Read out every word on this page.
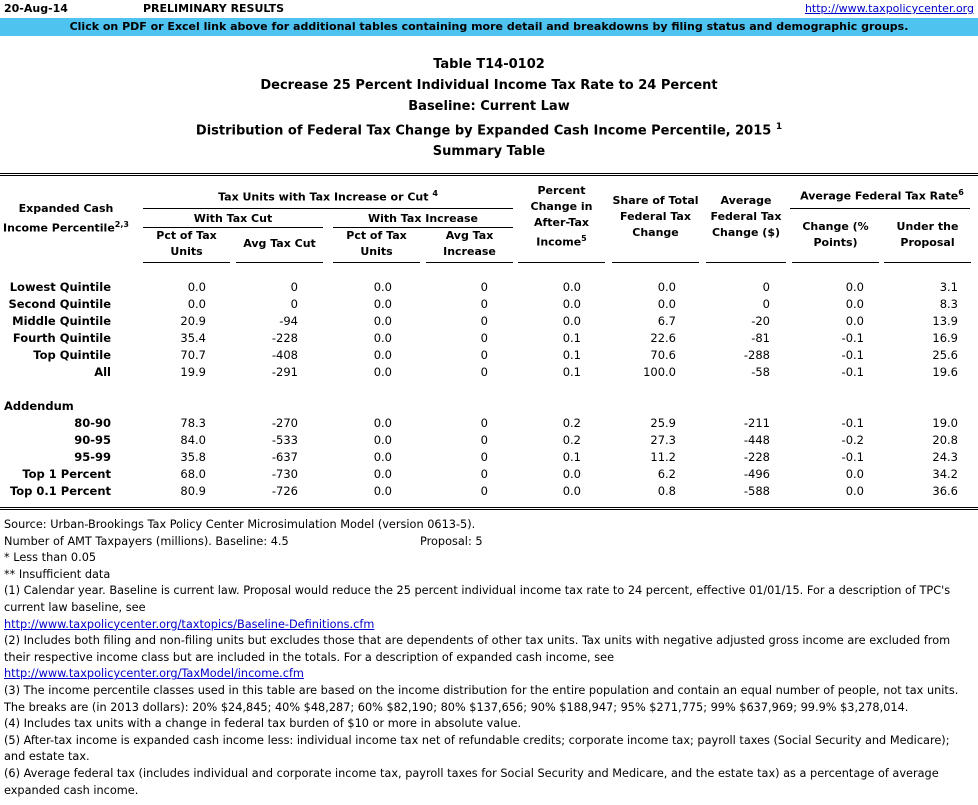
20-Aug-14	PRELIMINARY RESULTS	http://www.taxpolicycenter.org
Click on PDF or Excel link above for additional tables containing more detail and breakdowns by filing status and demographic groups.
Table T14-0102
Decrease 25 Percent Individual Income Tax Rate to 24 Percent
Baseline: Current Law
Distribution of Federal Tax Change by Expanded Cash Income Percentile, 2015 $^1$
Summary Table
Expanded Cash Income Percentile$^{2,3}$
Tax Units with Tax Increase or Cut $^4$
With Tax Cut	With Tax Increase
Pct of Tax Units
Avg Tax Cut
Pct of Tax Units
Avg Tax Increase
Percent Change in After-Tax Income$^5$
Share of Total Federal Tax Change
Average Federal Tax Change ($)
Average Federal Tax Rate$^6$
Change (% Points)
Under the Proposal
Lowest Quintile	0.0	0	0.0	0	0.0	0.0	0	0.0	3.1
Second Quintile	0.0	0	0.0	0	0.0	0.0	0	0.0	8.3
Middle Quintile	20.9	-94	0.0	0	0.0	6.7	-20	0.0	13.9
Fourth Quintile	35.4	-228	0.0	0	0.1	22.6	-81	-0.1	16.9
Top Quintile	70.7	-408	0.0	0	0.1	70.6	-288	-0.1	25.6
All	19.9	-291	0.0	0	0.1	100.0	-58	-0.1	19.6
Addendum
80-90	78.3	-270	0.0	0	0.2	25.9	-211	-0.1	19.0
90-95	84.0	-533	0.0	0	0.2	27.3	-448	-0.2	20.8
95-99	35.8	-637	0.0	0	0.1	11.2	-228	-0.1	24.3
Top 1 Percent	68.0	-730	0.0	0	0.0	6.2	-496	0.0	34.2
Top 0.1 Percent	80.9	-726	0.0	0	0.0	0.8	-588	0.0	36.6
Source: Urban-Brookings Tax Policy Center Microsimulation Model (version 0613-5).
Number of AMT Taxpayers (millions). Baseline: 4.5	Proposal: 5
* Less than 0.05
** Insufficient data
(1) Calendar year. Baseline is current law. Proposal would reduce the 25 percent individual income tax rate to 24 percent, effective 01/01/15. For a description of TPC's current law baseline, see
http://www.taxpolicycenter.org/taxtopics/Baseline-Definitions.cfm
(2) Includes both filing and non-filing units but excludes those that are dependents of other tax units. Tax units with negative adjusted gross income are excluded from their respective income class but are included in the totals. For a description of expanded cash income, see
http://www.taxpolicycenter.org/TaxModel/income.cfm
(3) The income percentile classes used in this table are based on the income distribution for the entire population and contain an equal number of people, not tax units. The breaks are (in 2013 dollars): 20% $24,845; 40% $48,287; 60% $82,190; 80% $137,656; 90% $188,947; 95% $271,775; 99% $637,969; 99.9% $3,278,014.
(4) Includes tax units with a change in federal tax burden of $10 or more in absolute value.
(5) After-tax income is expanded cash income less: individual income tax net of refundable credits; corporate income tax; payroll taxes (Social Security and Medicare); and estate tax.
(6) Average federal tax (includes individual and corporate income tax, payroll taxes for Social Security and Medicare, and the estate tax) as a percentage of average expanded cash income.
